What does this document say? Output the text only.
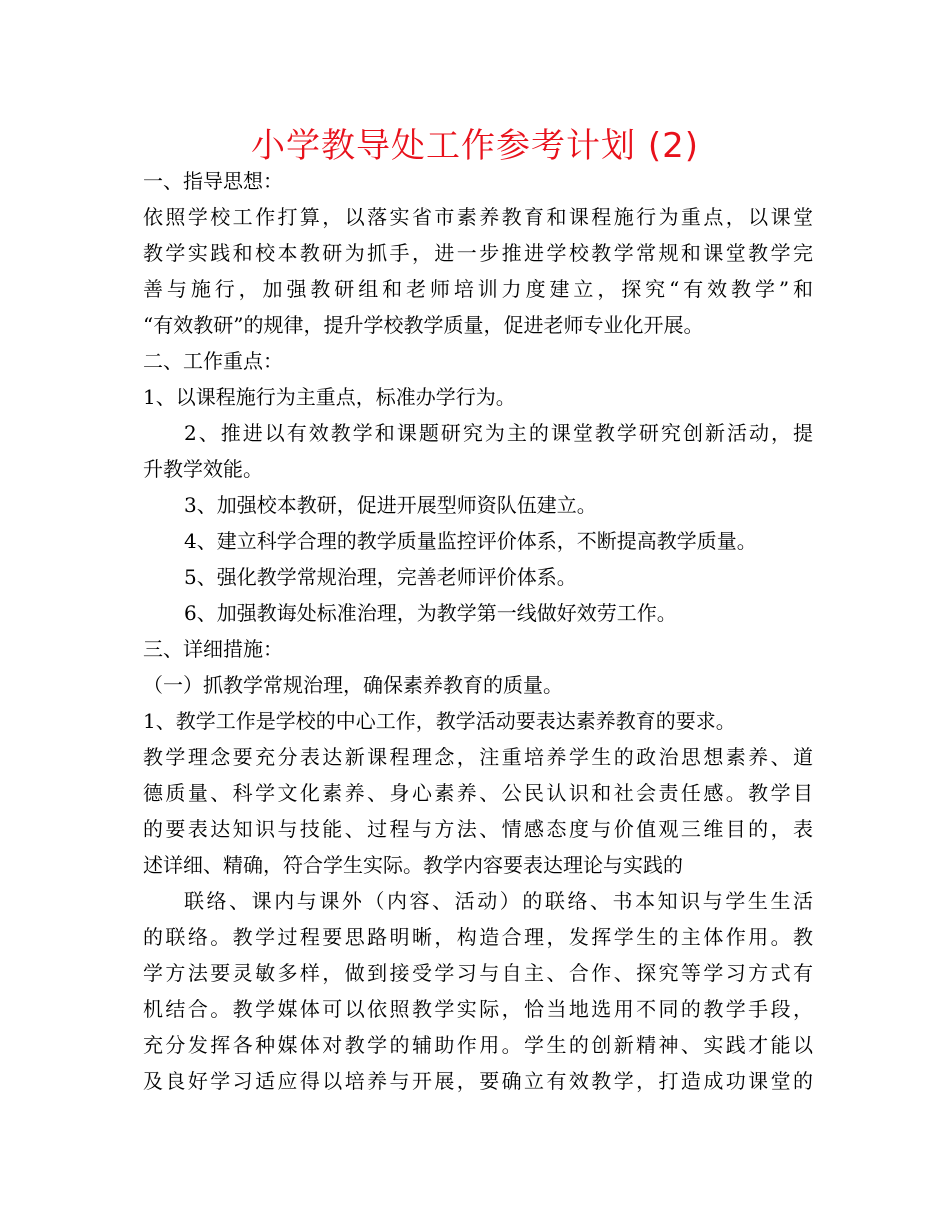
小学教导处工作参考计划 (2)
一、指导思想：
依照学校工作打算，以落实省市素养教育和课程施行为重点，以课堂
教学实践和校本教研为抓手，进一步推进学校教学常规和课堂教学完
善与施行，加强教研组和老师培训力度建立，探究“有效教学”和
“有效教研”的规律，提升学校教学质量，促进老师专业化开展。
二、工作重点：
1、以课程施行为主重点，标准办学行为。
2、推进以有效教学和课题研究为主的课堂教学研究创新活动，提
升教学效能。
3、加强校本教研，促进开展型师资队伍建立。
4、建立科学合理的教学质量监控评价体系，不断提高教学质量。
5、强化教学常规治理，完善老师评价体系。
6、加强教诲处标准治理，为教学第一线做好效劳工作。
三、详细措施：
（一）抓教学常规治理，确保素养教育的质量。
1、教学工作是学校的中心工作，教学活动要表达素养教育的要求。
教学理念要充分表达新课程理念，注重培养学生的政治思想素养、道
德质量、科学文化素养、身心素养、公民认识和社会责任感。教学目
的要表达知识与技能、过程与方法、情感态度与价值观三维目的，表
述详细、精确，符合学生实际。教学内容要表达理论与实践的
联络、课内与课外（内容、活动）的联络、书本知识与学生生活
的联络。教学过程要思路明晰，构造合理，发挥学生的主体作用。教
学方法要灵敏多样，做到接受学习与自主、合作、探究等学习方式有
机结合。教学媒体可以依照教学实际，恰当地选用不同的教学手段，
充分发挥各种媒体对教学的辅助作用。学生的创新精神、实践才能以
及良好学习适应得以培养与开展，要确立有效教学，打造成功课堂的
